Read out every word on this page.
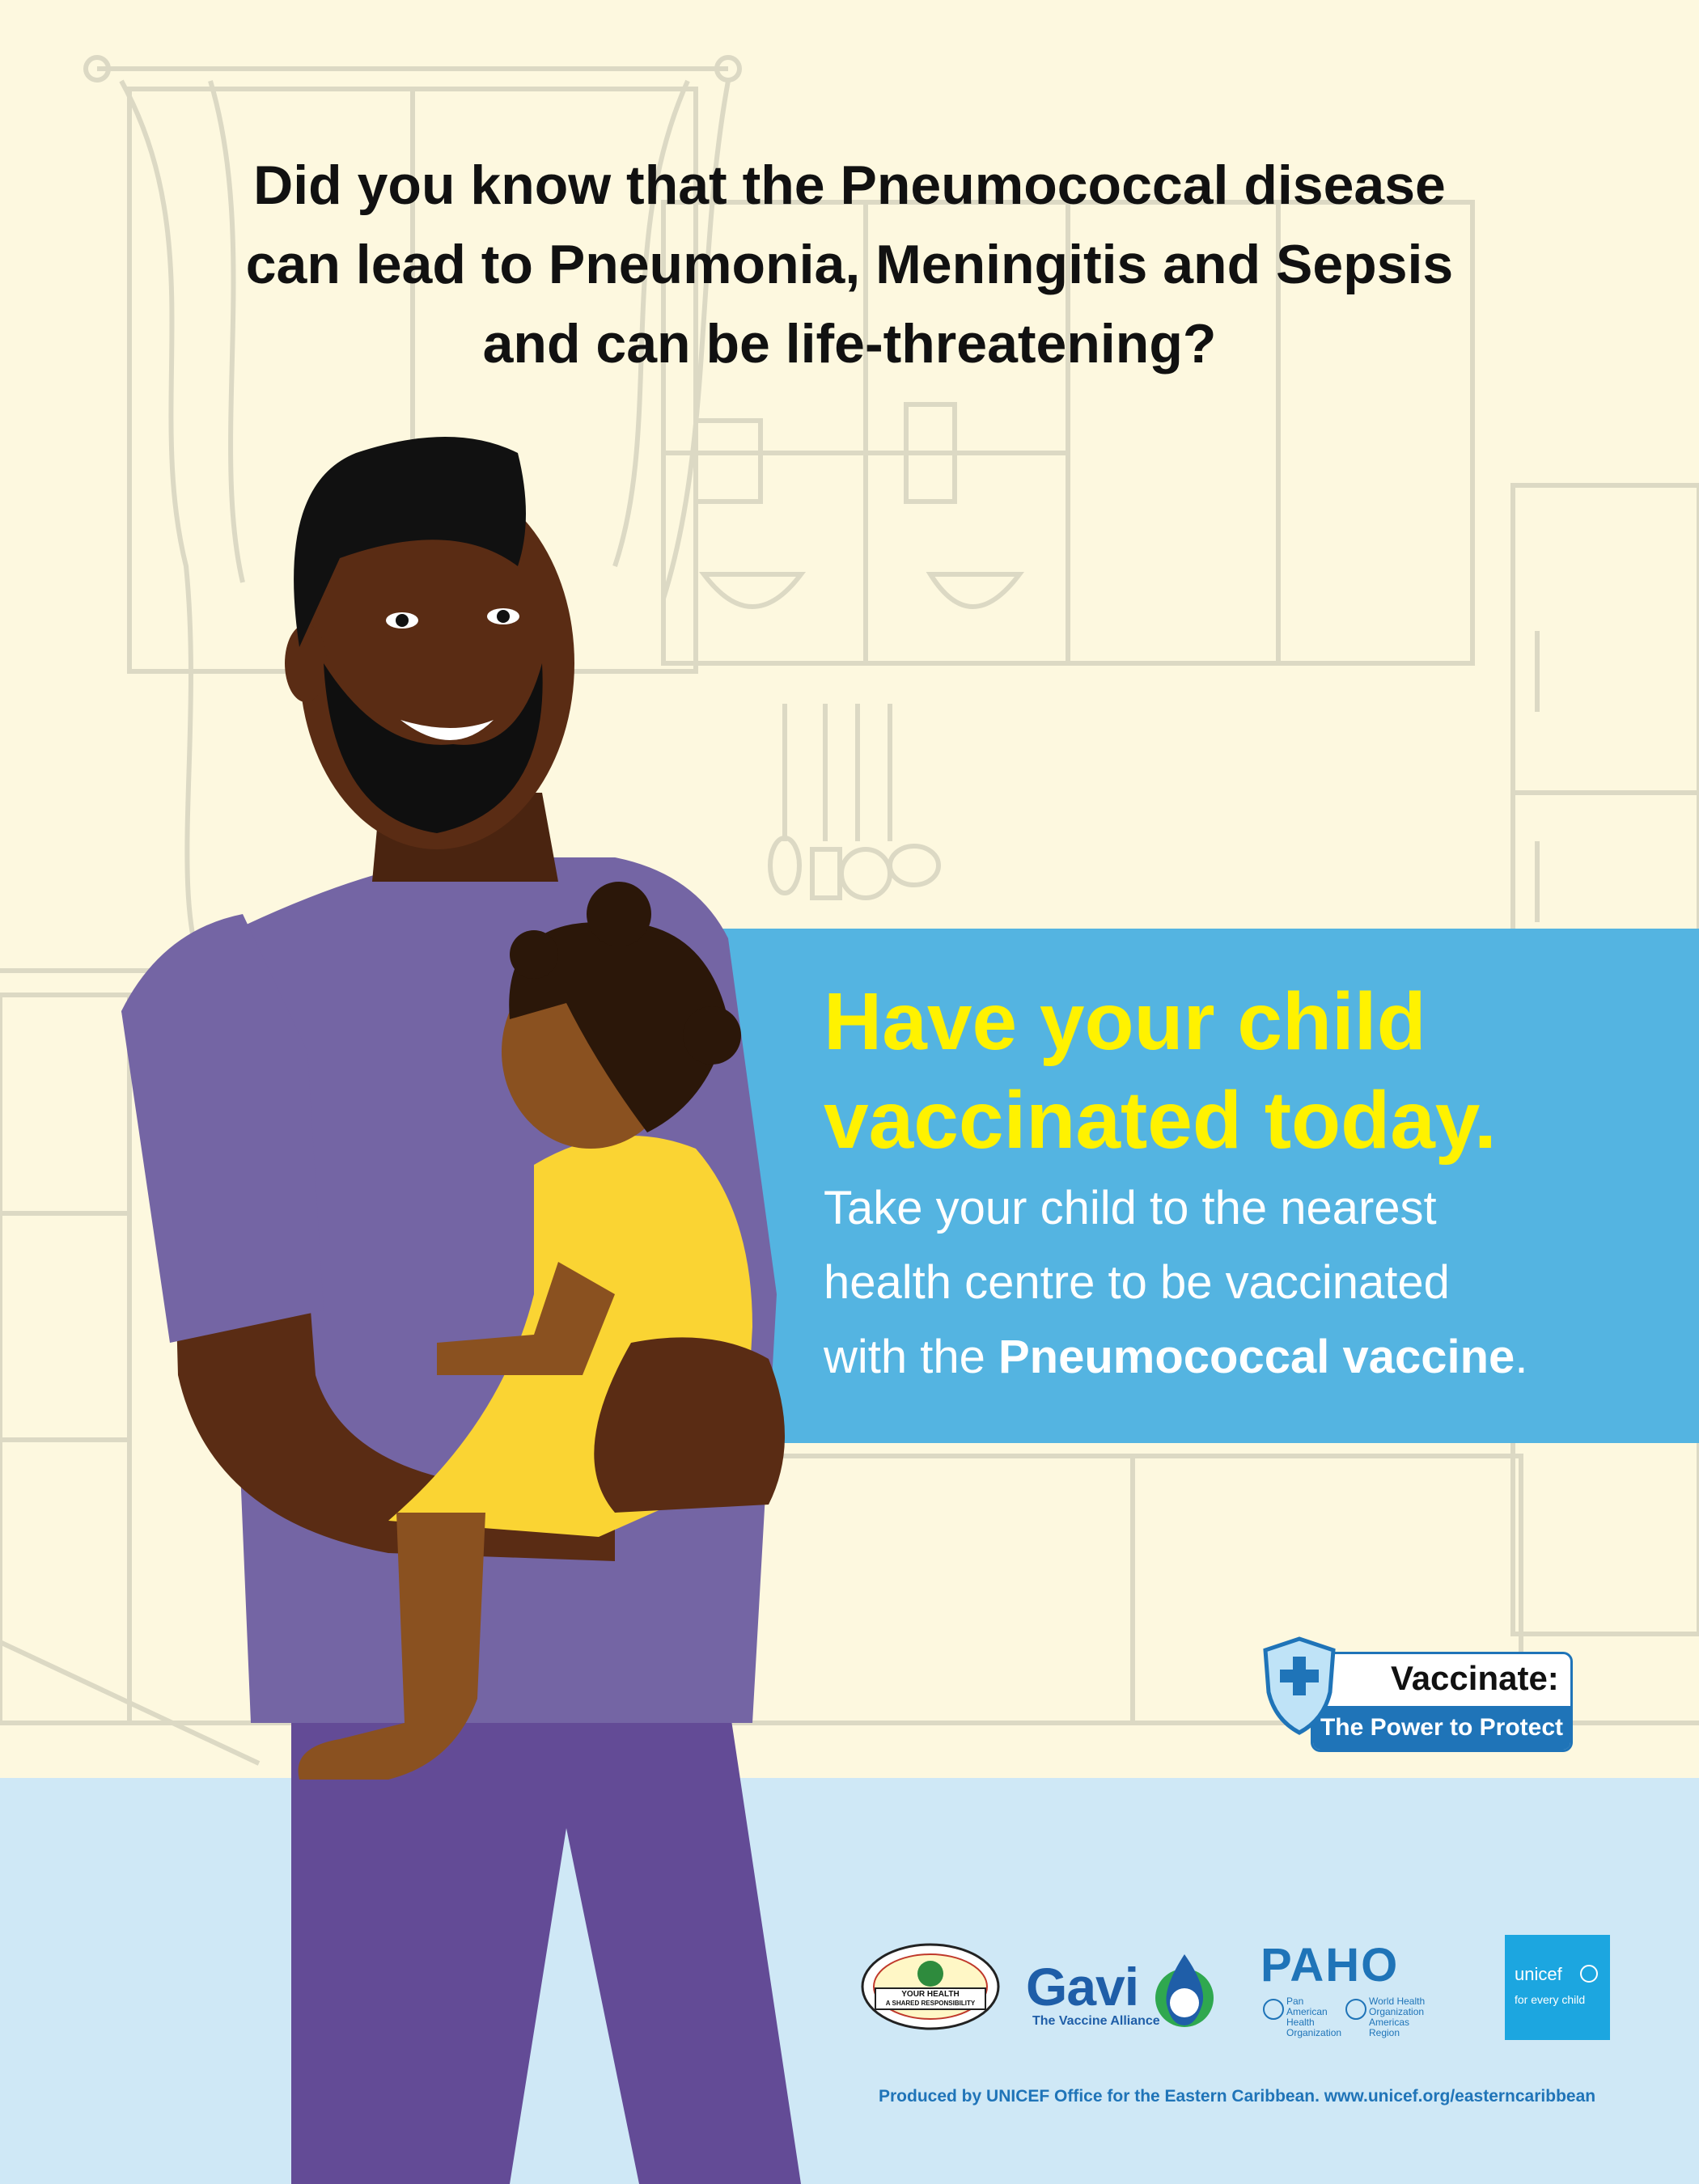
Did you know that the Pneumococcal disease
can lead to Pneumonia, Meningitis and Sepsis
and can be life-threatening?
Have your child
vaccinated today.
Take your child to the nearest
health centre to be vaccinated
with the Pneumococcal vaccine.
Vaccinate:
The Power to Protect
YOUR HEALTH
A SHARED RESPONSIBILITY Gavi
The Vaccine Alliance
PAHO
Pan American Health Organization
World Health Organization Americas Region
unicef
for every child
Produced by UNICEF Office for the Eastern Caribbean. www.unicef.org/easterncaribbean
